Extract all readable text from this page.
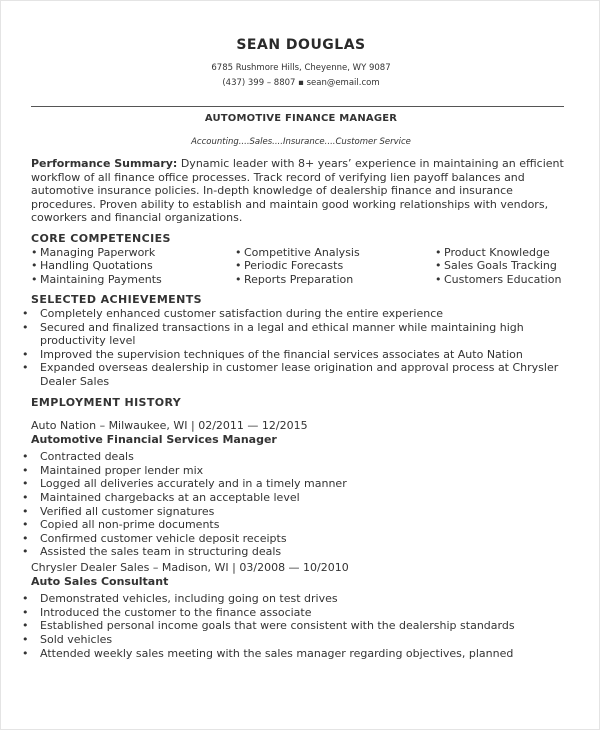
SEAN DOUGLAS
6785 Rushmore Hills, Cheyenne, WY 9087
(437) 399 – 8807 ▪ sean@email.com
AUTOMOTIVE FINANCE MANAGER
Accounting....Sales....Insurance....Customer Service

Performance Summary: Dynamic leader with 8+ years’ experience in maintaining an efficient workflow of all finance office processes. Track record of verifying lien payoff balances and automotive insurance policies. In-depth knowledge of dealership finance and insurance procedures. Proven ability to establish and maintain good working relationships with vendors, coworkers and financial organizations.

CORE COMPETENCIES
• Managing Paperwork
• Handling Quotations
• Maintaining Payments
• Competitive Analysis
• Periodic Forecasts
• Reports Preparation
• Product Knowledge
• Sales Goals Tracking
• Customers Education
SELECTED ACHIEVEMENTS
• Completely enhanced customer satisfaction during the entire experience
• Secured and finalized transactions in a legal and ethical manner while maintaining high productivity level
• Improved the supervision techniques of the financial services associates at Auto Nation
• Expanded overseas dealership in customer lease origination and approval process at Chrysler Dealer Sales
EMPLOYMENT HISTORY
Auto Nation – Milwaukee, WI | 02/2011 — 12/2015
Automotive Financial Services Manager
• Contracted deals
• Maintained proper lender mix
• Logged all deliveries accurately and in a timely manner
• Maintained chargebacks at an acceptable level
• Verified all customer signatures
• Copied all non-prime documents
• Confirmed customer vehicle deposit receipts
• Assisted the sales team in structuring deals
Chrysler Dealer Sales – Madison, WI | 03/2008 — 10/2010
Auto Sales Consultant
• Demonstrated vehicles, including going on test drives
• Introduced the customer to the finance associate
• Established personal income goals that were consistent with the dealership standards
• Sold vehicles
• Attended weekly sales meeting with the sales manager regarding objectives, planned
